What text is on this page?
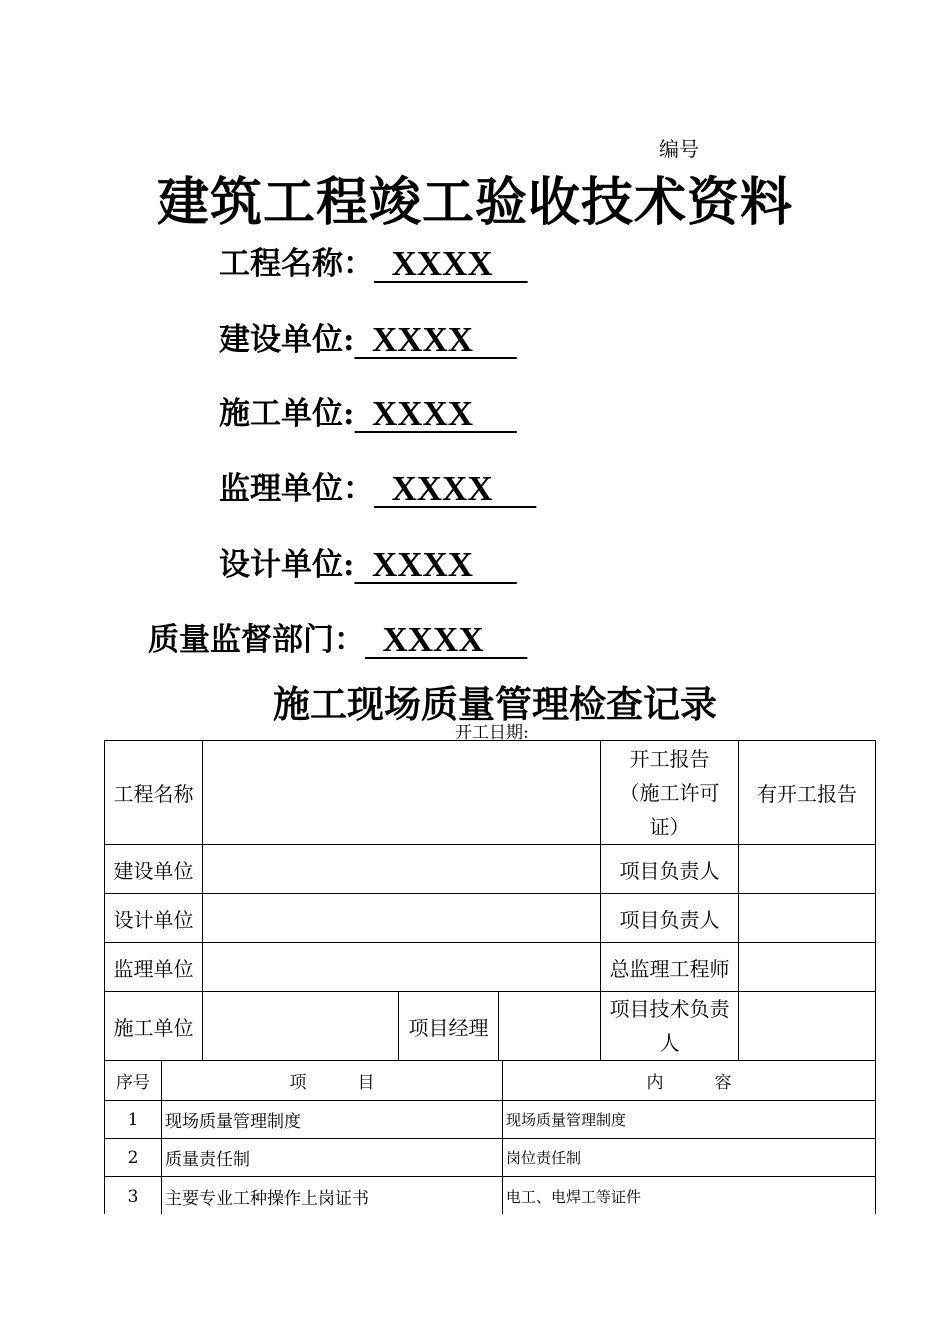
编号
建筑工程竣工验收技术资料
工程名称：  XXXX
建设单位:  XXXX
施工单位:  XXXX
监理单位：  XXXX
设计单位:  XXXX
质量监督部门：  XXXX
施工现场质量管理检查记录
开工日期:
工程名称				开工报告
（施工许可
证）	有开工报告
建设单位				项目负责人	
设计单位				项目负责人	
监理单位				总监理工程师	
施工单位		项目经理		项目技术负责
人	
序号	项　　　目	内　　　容
1	现场质量管理制度	现场质量管理制度
2	质量责任制	岗位责任制
3	主要专业工种操作上岗证书	电工、电焊工等证件
